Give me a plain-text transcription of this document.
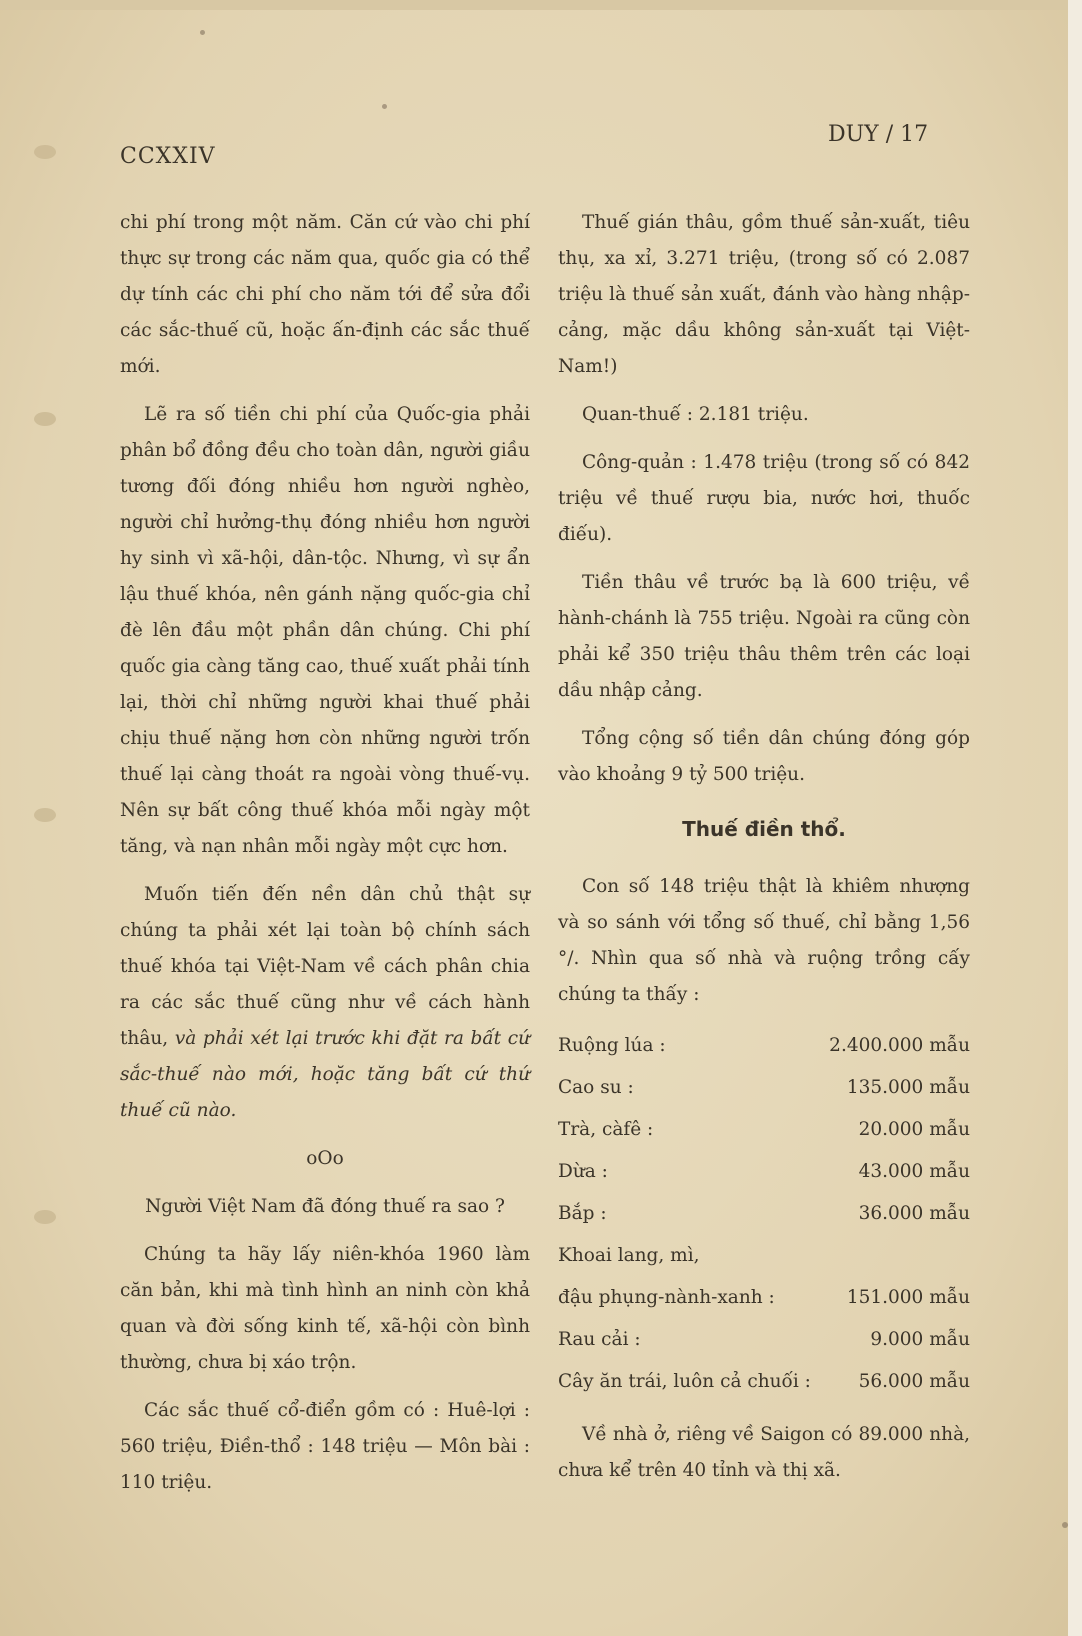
CCXXIV
DUY / 17

chi phí trong một năm. Căn cứ vào chi phí thực sự trong các năm qua, quốc gia có thể dự tính các chi phí cho năm tới để sửa đổi các sắc-thuế cũ, hoặc ấn-định các sắc thuế mới.

Lẽ ra số tiền chi phí của Quốc-gia phải phân bổ đồng đều cho toàn dân, người giầu tương đối đóng nhiều hơn người nghèo, người chỉ hưởng-thụ đóng nhiều hơn người hy sinh vì xã-hội, dân-tộc. Nhưng, vì sự ẩn lậu thuế khóa, nên gánh nặng quốc-gia chỉ đè lên đầu một phần dân chúng. Chi phí quốc gia càng tăng cao, thuế xuất phải tính lại, thời chỉ những người khai thuế phải chịu thuế nặng hơn còn những người trốn thuế lại càng thoát ra ngoài vòng thuế-vụ. Nên sự bất công thuế khóa mỗi ngày một tăng, và nạn nhân mỗi ngày một cực hơn.

Muốn tiến đến nền dân chủ thật sự chúng ta phải xét lại toàn bộ chính sách thuế khóa tại Việt-Nam về cách phân chia ra các sắc thuế cũng như về cách hành thâu, và phải xét lại trước khi đặt ra bất cứ sắc-thuế nào mới, hoặc tăng bất cứ thứ thuế cũ nào.

oOo

Người Việt Nam đã đóng thuế ra sao ?

Chúng ta hãy lấy niên-khóa 1960 làm căn bản, khi mà tình hình an ninh còn khả quan và đời sống kinh tế, xã-hội còn bình thường, chưa bị xáo trộn.

Các sắc thuế cổ-điển gồm có : Huê-lợi : 560 triệu, Điền-thổ : 148 triệu — Môn bài : 110 triệu.

Thuế gián thâu, gồm thuế sản-xuất, tiêu thụ, xa xỉ, 3.271 triệu, (trong số có 2.087 triệu là thuế sản xuất, đánh vào hàng nhập-cảng, mặc dầu không sản-xuất tại Việt-Nam!)

Quan-thuế : 2.181 triệu.

Công-quản : 1.478 triệu (trong số có 842 triệu về thuế rượu bia, nước hơi, thuốc điếu).

Tiền thâu về trước bạ là 600 triệu, về hành-chánh là 755 triệu. Ngoài ra cũng còn phải kể 350 triệu thâu thêm trên các loại dầu nhập cảng.

Tổng cộng số tiền dân chúng đóng góp vào khoảng 9 tỷ 500 triệu.

Thuế điền thổ.

Con số 148 triệu thật là khiêm nhượng và so sánh với tổng số thuế, chỉ bằng 1,56 °/. Nhìn qua số nhà và ruộng trồng cấy chúng ta thấy :

Ruộng lúa :	2.400.000 mẫu
Cao su :	135.000 mẫu
Trà, càfê :	20.000 mẫu
Dừa :	43.000 mẫu
Bắp :	36.000 mẫu
Khoai lang, mì,
đậu phụng-nành-xanh :	151.000 mẫu
Rau cải :	9.000 mẫu
Cây ăn trái, luôn cả chuối :	56.000 mẫu

Về nhà ở, riêng về Saigon có 89.000 nhà, chưa kể trên 40 tỉnh và thị xã.
